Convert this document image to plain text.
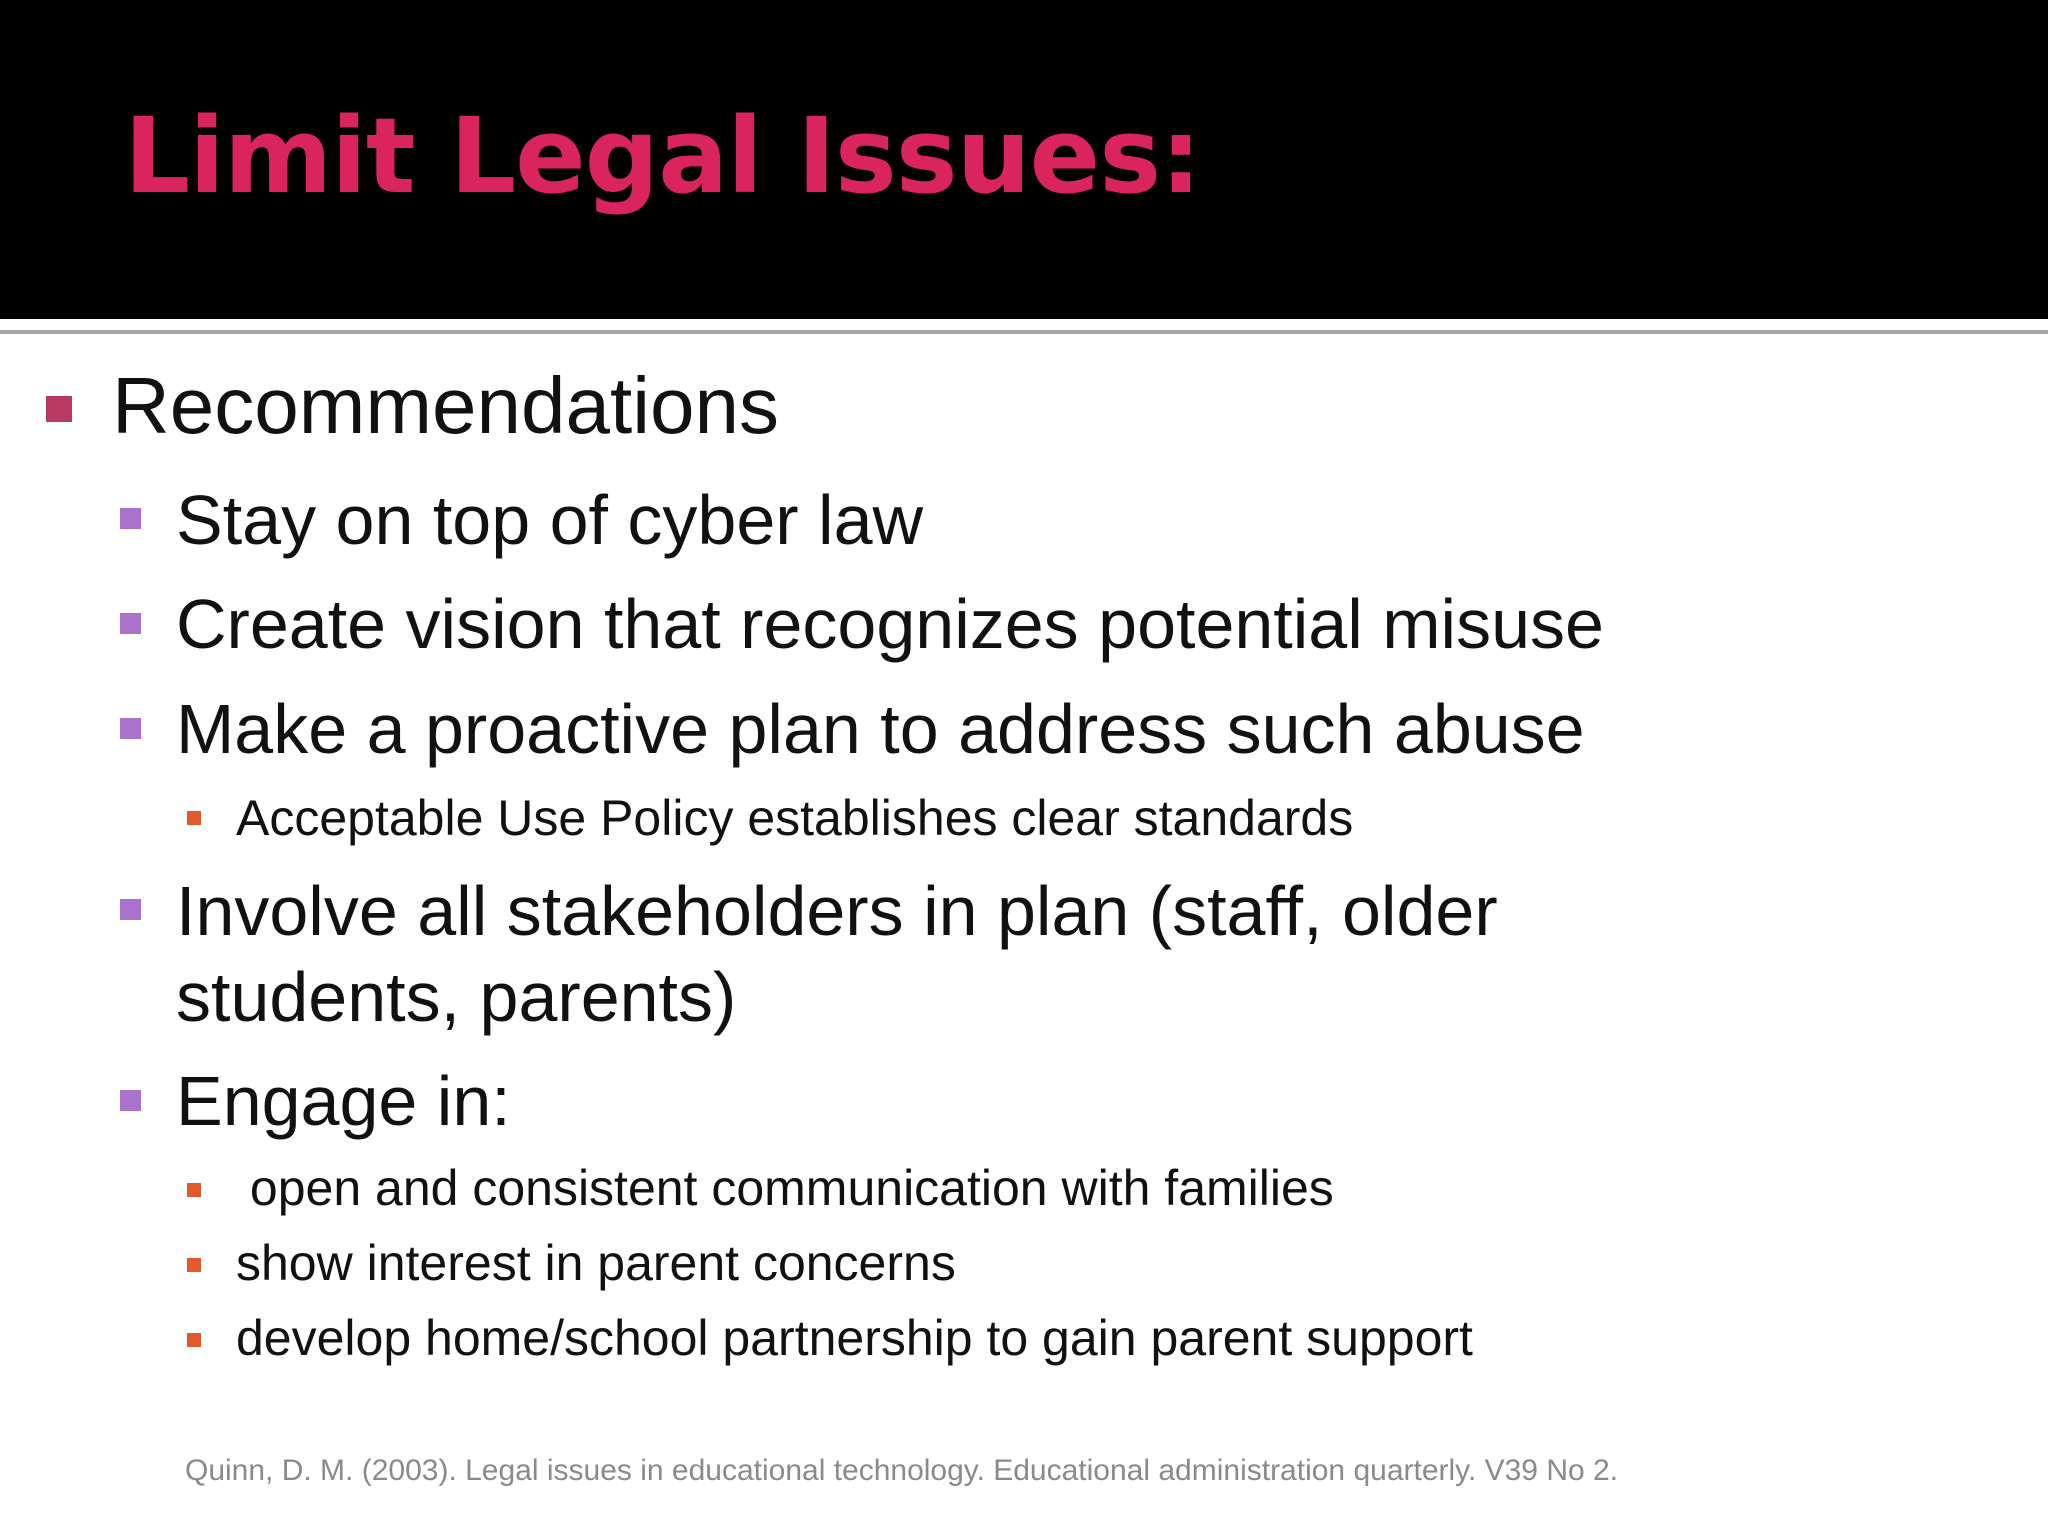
Limit Legal Issues:
Recommendations
Stay on top of cyber law
Create vision that recognizes potential misuse
Make a proactive plan to address such abuse
Acceptable Use Policy establishes clear standards
Involve all stakeholders in plan (staff, older
students, parents)
Engage in:
open and consistent communication with families
show interest in parent concerns
develop home/school partnership to gain parent support
Quinn, D. M. (2003). Legal issues in educational technology. Educational administration quarterly. V39 No 2.
